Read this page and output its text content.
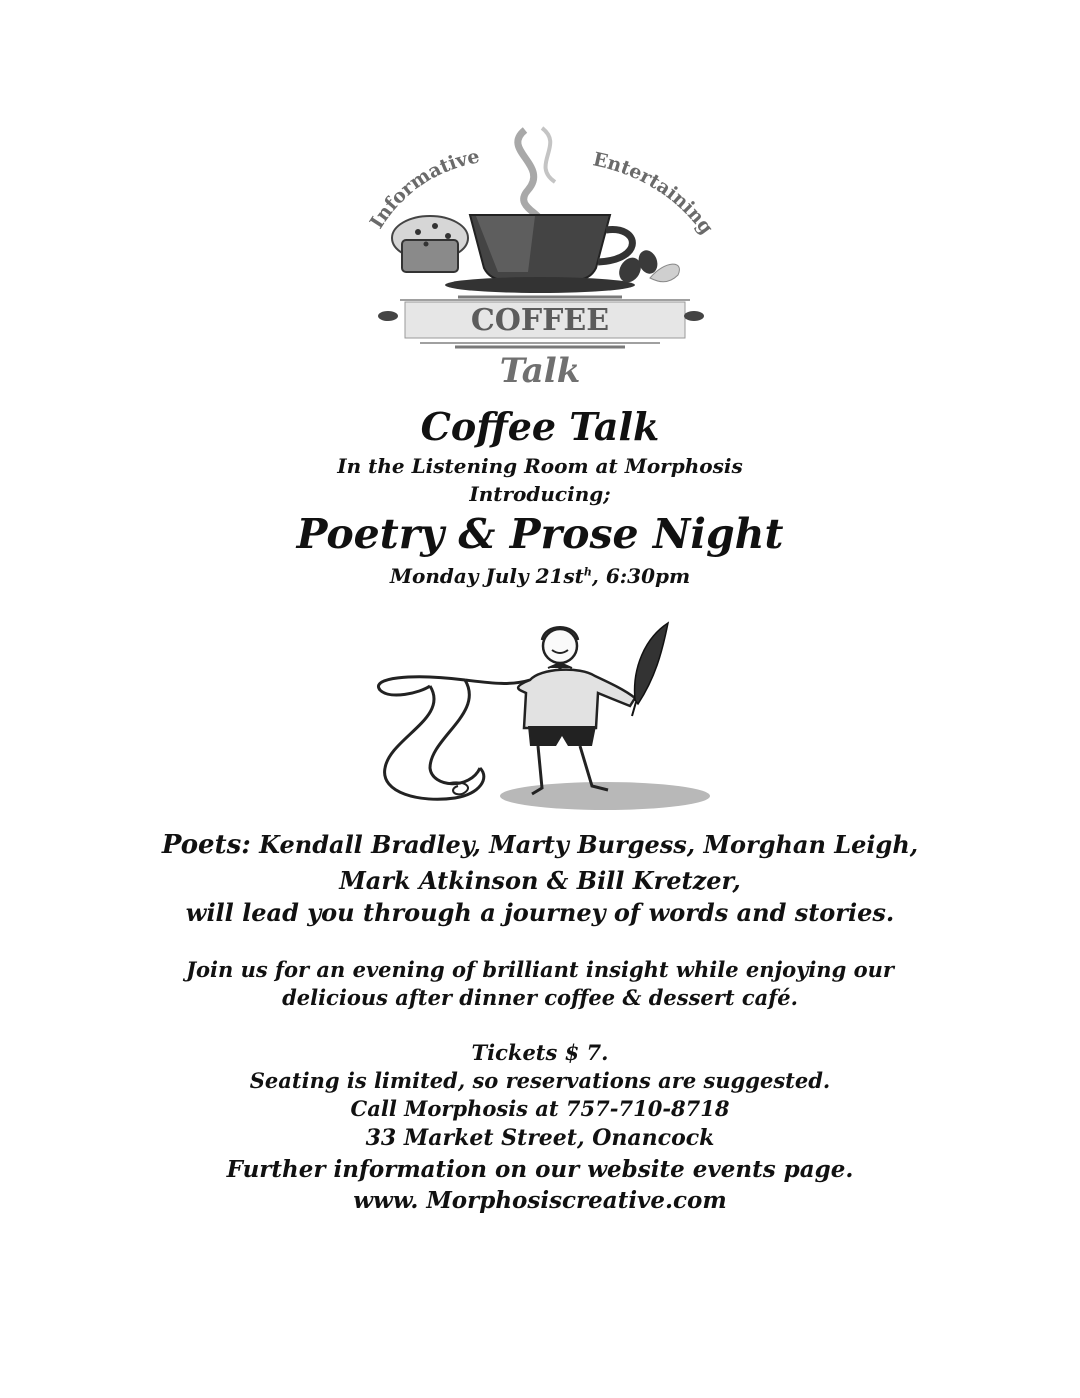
Informative	Entertaining
COFFEE
Talk
Coffee Talk
In the Listening Room at Morphosis
Introducing;
Poetry & Prose Night
Monday July $21st^h$, 6:30pm
Poets: Kendall Bradley, Marty Burgess, Morghan Leigh,
Mark Atkinson & Bill Kretzer,
will lead you through a journey of words and stories.
Join us for an evening of brilliant insight while enjoying our
delicious after dinner coffee & dessert café.
Tickets $ 7.
Seating is limited, so reservations are suggested.
Call Morphosis at 757-710-8718
33 Market Street, Onancock
Further information on our website events page.
www. Morphosiscreative.com
